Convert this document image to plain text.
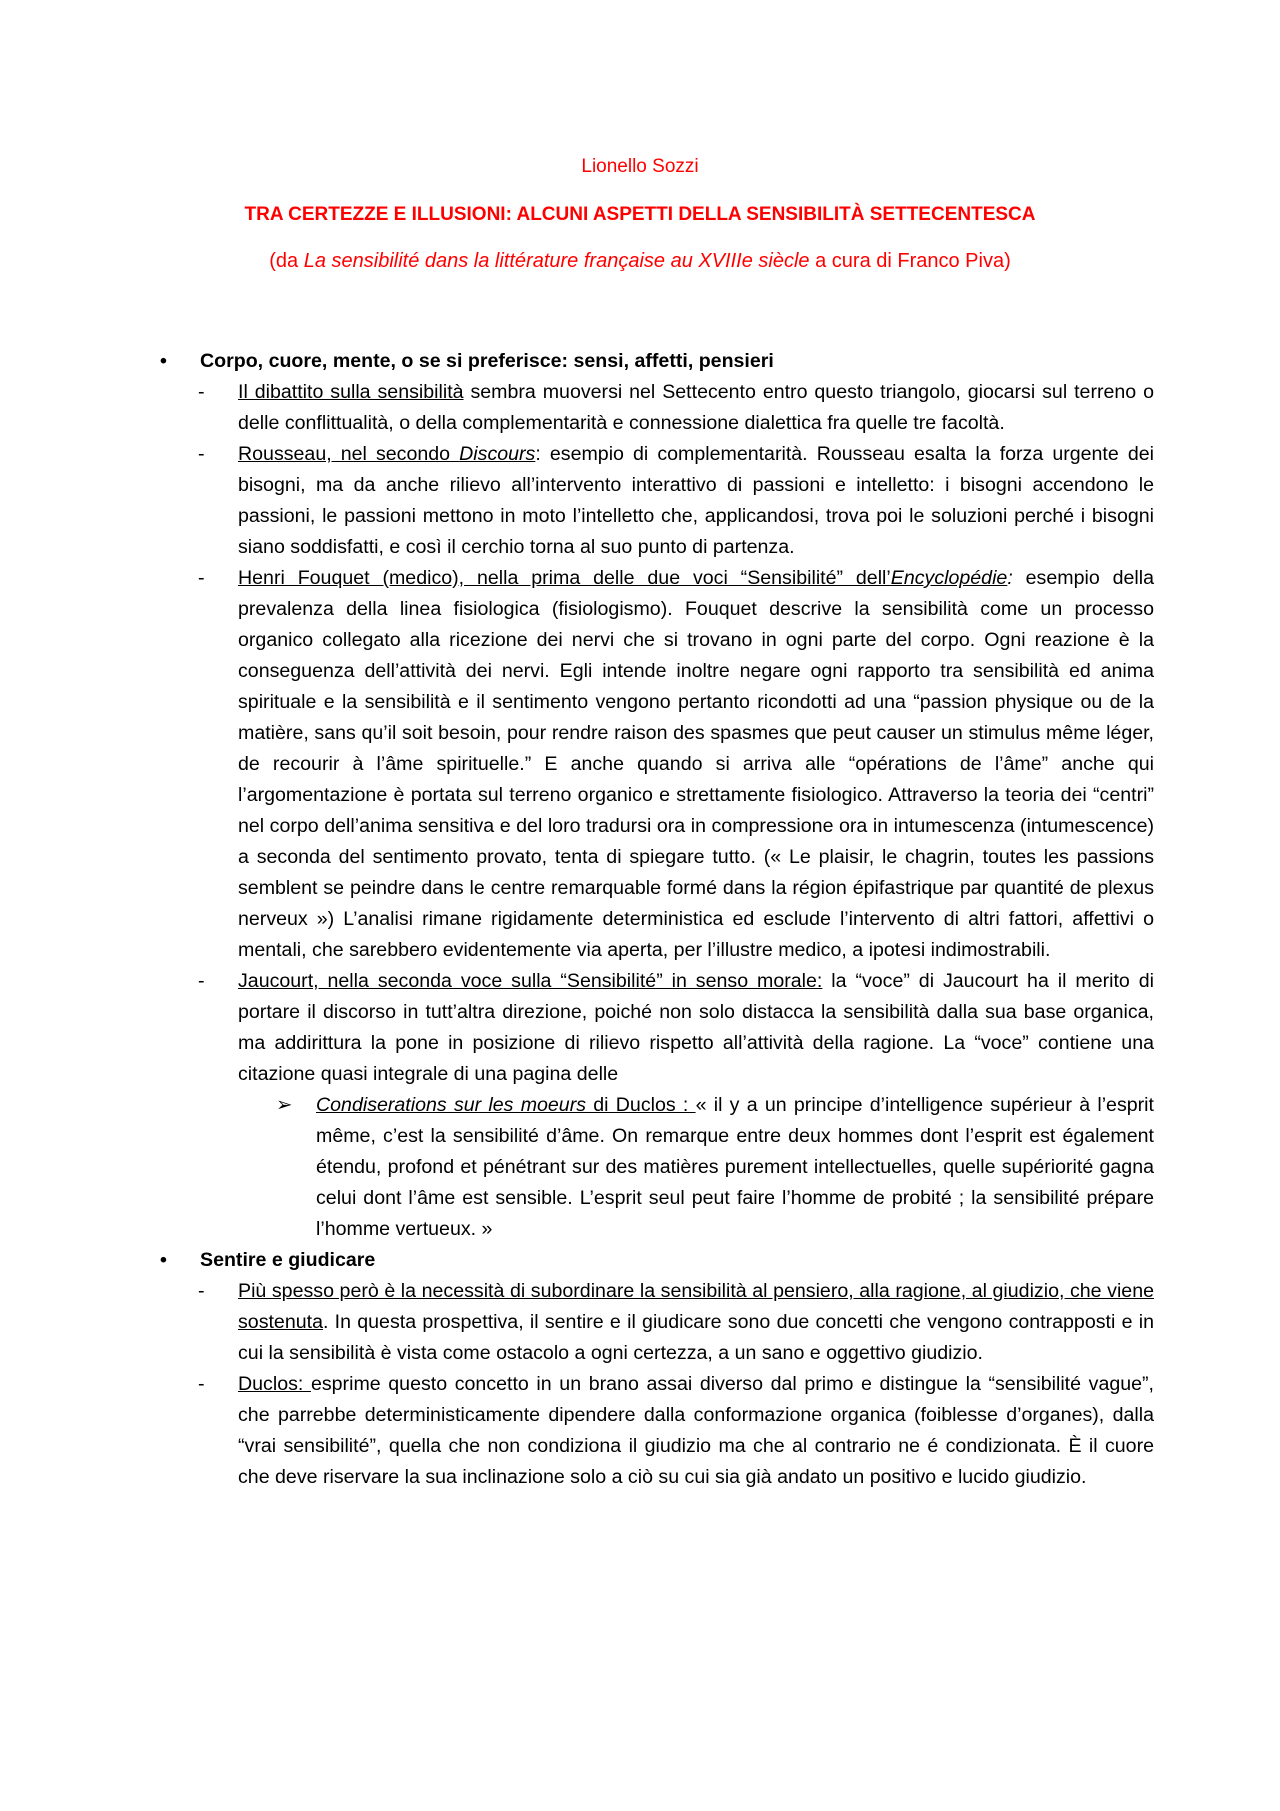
Lionello Sozzi
TRA CERTEZZE E ILLUSIONI: ALCUNI ASPETTI DELLA SENSIBILITÀ SETTECENTESCA
(da La sensibilité dans la littérature française au XVIIIe siècle a cura di Franco Piva)
•	Corpo, cuore, mente, o se si preferisce: sensi, affetti, pensieri
- Il dibattito sulla sensibilità sembra muoversi nel Settecento entro questo triangolo, giocarsi sul terreno o delle conflittualità, o della complementarità e connessione dialettica fra quelle tre facoltà.
- Rousseau, nel secondo Discours: esempio di complementarità. Rousseau esalta la forza urgente dei bisogni, ma da anche rilievo all’intervento interattivo di passioni e intelletto: i bisogni accendono le passioni, le passioni mettono in moto l’intelletto che, applicandosi, trova poi le soluzioni perché i bisogni siano soddisfatti, e così il cerchio torna al suo punto di partenza.
- Henri Fouquet (medico), nella prima delle due voci “Sensibilité” dell’Encyclopédie: esempio della prevalenza della linea fisiologica (fisiologismo). Fouquet descrive la sensibilità come un processo organico collegato alla ricezione dei nervi che si trovano in ogni parte del corpo. Ogni reazione è la conseguenza dell’attività dei nervi. Egli intende inoltre negare ogni rapporto tra sensibilità ed anima spirituale e la sensibilità e il sentimento vengono pertanto ricondotti ad una “passion physique ou de la matière, sans qu’il soit besoin, pour rendre raison des spasmes que peut causer un stimulus même léger, de recourir à l’âme spirituelle.” E anche quando si arriva alle “opérations de l’âme” anche qui l’argomentazione è portata sul terreno organico e strettamente fisiologico. Attraverso la teoria dei “centri” nel corpo dell’anima sensitiva e del loro tradursi ora in compressione ora in intumescenza (intumescence) a seconda del sentimento provato, tenta di spiegare tutto. (« Le plaisir, le chagrin, toutes les passions semblent se peindre dans le centre remarquable formé dans la région épifastrique par quantité de plexus nerveux ») L’analisi rimane rigidamente deterministica ed esclude l’intervento di altri fattori, affettivi o mentali, che sarebbero evidentemente via aperta, per l’illustre medico, a ipotesi indimostrabili.
- Jaucourt, nella seconda voce sulla “Sensibilité” in senso morale: la “voce” di Jaucourt ha il merito di portare il discorso in tutt’altra direzione, poiché non solo distacca la sensibilità dalla sua base organica, ma addirittura la pone in posizione di rilievo rispetto all’attività della ragione. La “voce” contiene una citazione quasi integrale di una pagina delle
➢ Condiserations sur les moeurs di Duclos : « il y a un principe d’intelligence supérieur à l’esprit même, c’est la sensibilité d’âme. On remarque entre deux hommes dont l’esprit est également étendu, profond et pénétrant sur des matières purement intellectuelles, quelle supériorité gagna celui dont l’âme est sensible. L’esprit seul peut faire l’homme de probité ; la sensibilité prépare l’homme vertueux. »
•	Sentire e giudicare
- Più spesso però è la necessità di subordinare la sensibilità al pensiero, alla ragione, al giudizio, che viene sostenuta. In questa prospettiva, il sentire e il giudicare sono due concetti che vengono contrapposti e in cui la sensibilità è vista come ostacolo a ogni certezza, a un sano e oggettivo giudizio.
- Duclos: esprime questo concetto in un brano assai diverso dal primo e distingue la “sensibilité vague”, che parrebbe deterministicamente dipendere dalla conformazione organica (foiblesse d’organes), dalla “vrai sensibilité”, quella che non condiziona il giudizio ma che al contrario ne é condizionata. È il cuore che deve riservare la sua inclinazione solo a ciò su cui sia già andato un positivo e lucido giudizio.
